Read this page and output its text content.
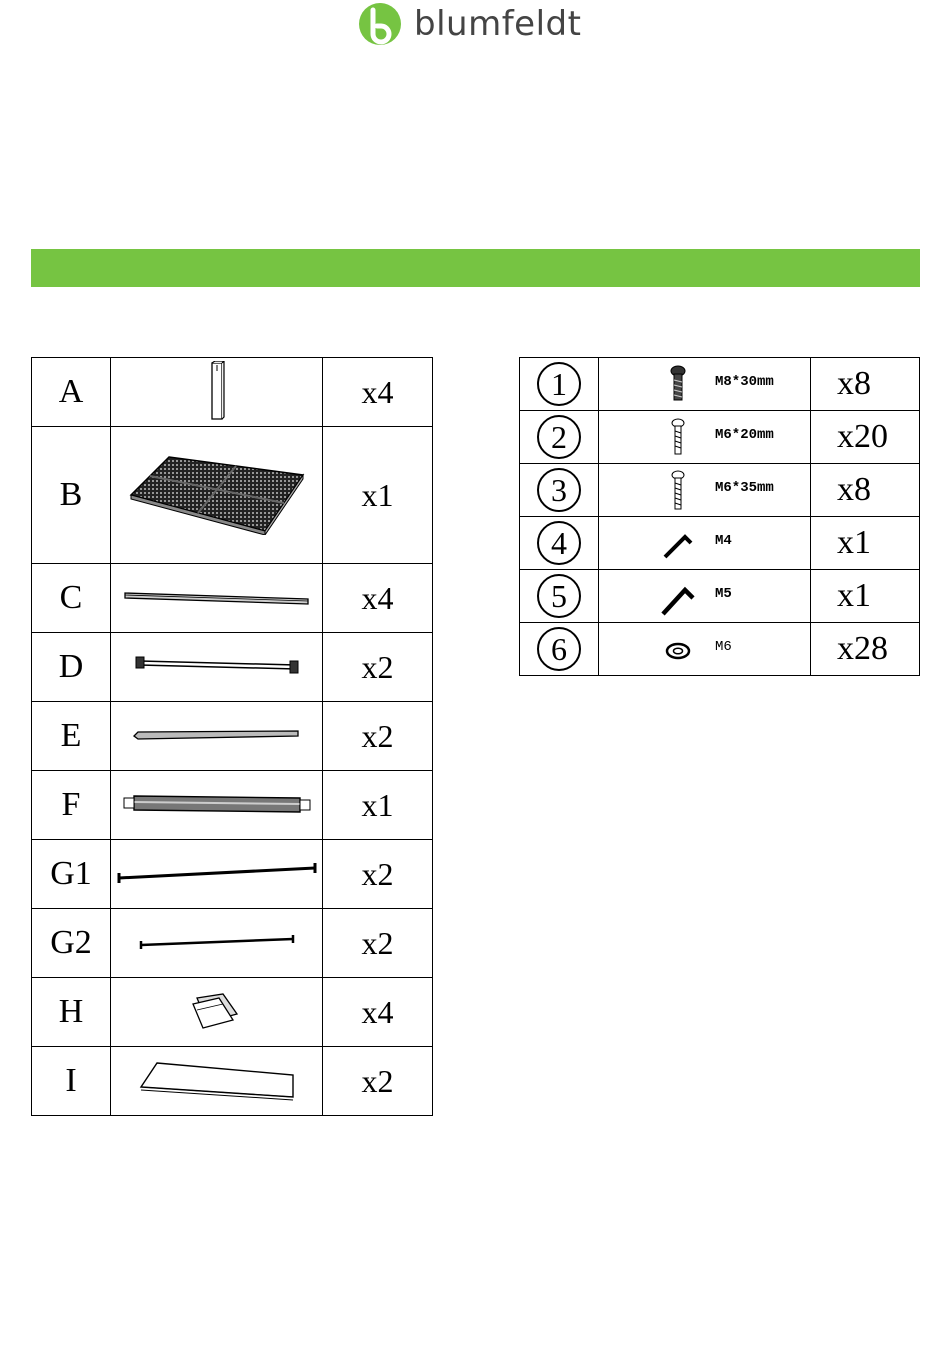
blumfeldt
A		x4
B		x1
C		x4
D		x2
E		x2
F		x1
G1		x2
G2		x2
H		x4
I		x2
1	M8*30mm	x8
2	M6*20mm	x20
3	M6*35mm	x8
4	M4	x1
5	M5	x1
6	M6	x28
